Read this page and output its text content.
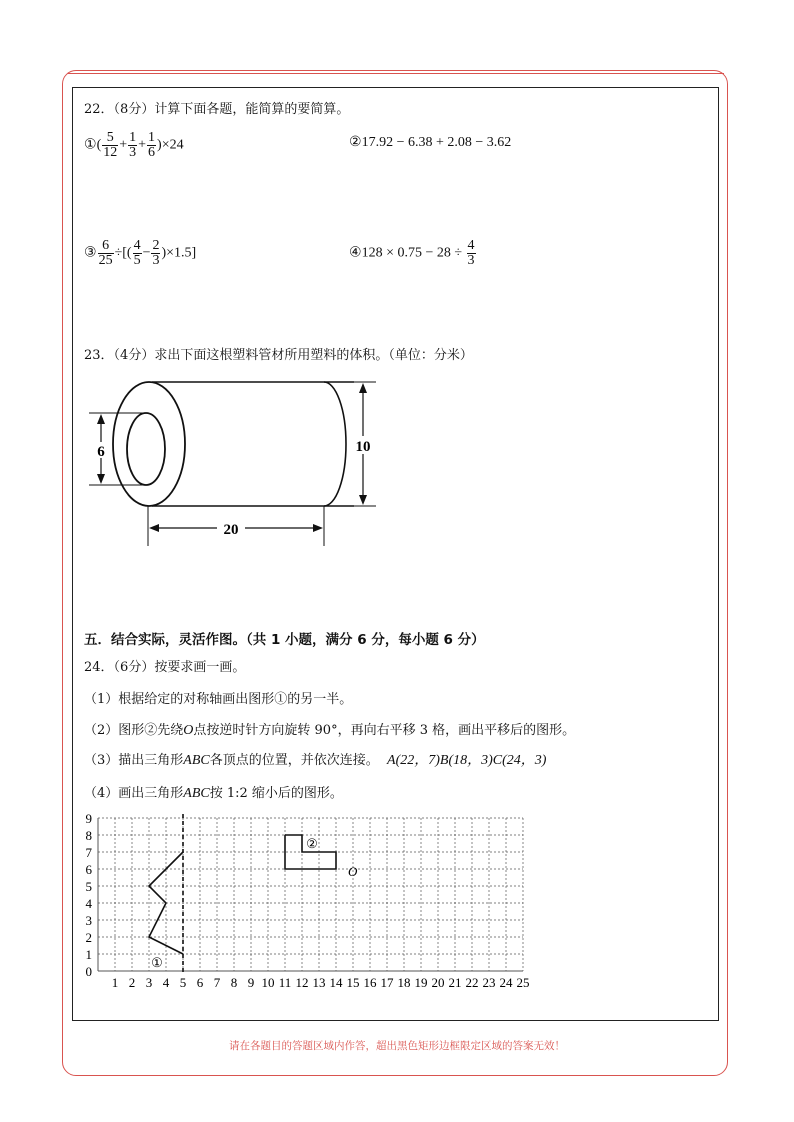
22．（8分）计算下面各题，能简算的要简算。
①( $\frac{5}{12} + \frac{1}{3} + \frac{1}{6} )\times 24$	②17.92 − 6.38 + 2.08 − 3.62
③ $\frac{6}{25}$ ÷[( $\frac{4}{5} - \frac{2}{3} )\times 1.5$]	④128 × $0.75 - 28 \div \frac{4}{3}$
23．（4分）求出下面这根塑料管材所用塑料的体积。（单位：分米）
6	10
20
五．结合实际，灵活作图。（共 1 小题，满分 6 分，每小题 6 分）
24．（6分）按要求画一画。
（1）根据给定的对称轴画出图形①的另一半。
（2）图形②先绕O点按逆时针方向旋转 90°，再向右平移 3 格，画出平移后的图形。
（3）描出三角形ABC各顶点的位置，并依次连接。 A(22，7)B(18，3)C(24，3)
（4）画出三角形ABC按 1:2 缩小后的图形。
1 2 3 4 5 6 7 8 9 10 11 12 13 14 15 16 17 18 19 20 21 22 23 24 25
0
1
2
3
4
5
6
7
8
9
①
②
O
请在各题目的答题区域内作答，超出黑色矩形边框限定区域的答案无效！
